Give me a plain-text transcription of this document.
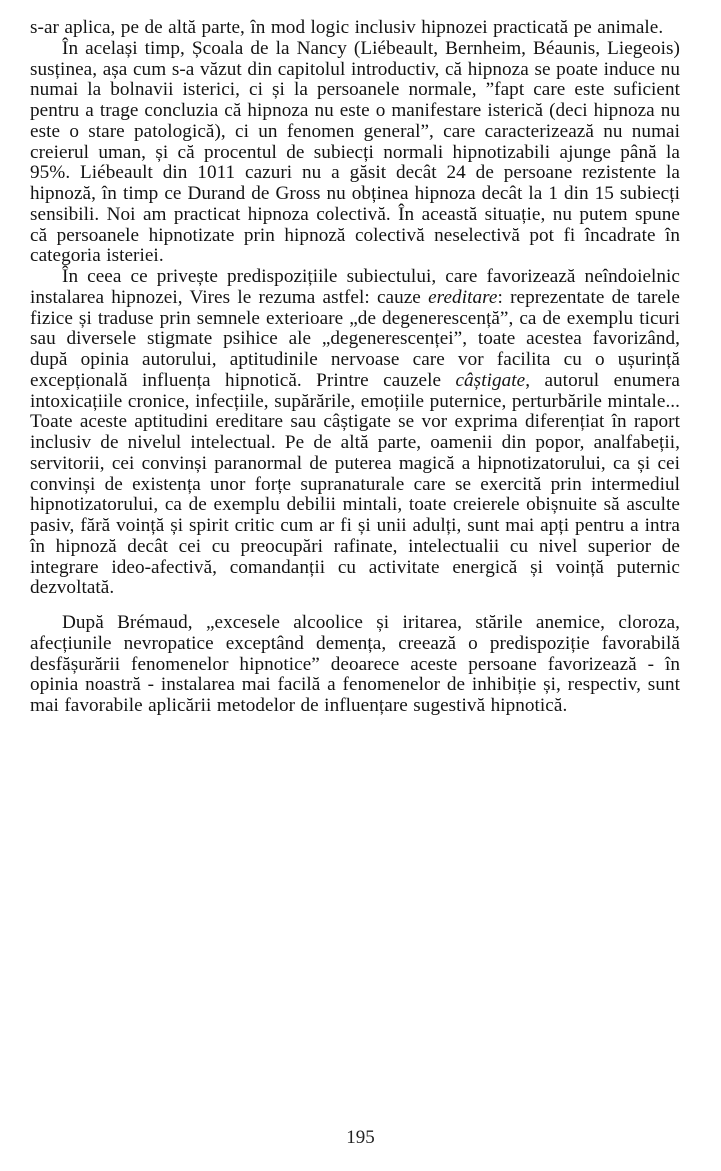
s-ar aplica, pe de altă parte, în mod logic inclusiv hipnozei practicată pe animale.

În același timp, Școala de la Nancy (Liébeault, Bernheim, Béaunis, Liegeois) susținea, așa cum s-a văzut din capitolul introductiv, că hipnoza se poate induce nu numai la bolnavii isterici, ci și la persoanele normale, ”fapt care este suficient pentru a trage concluzia că hipnoza nu este o manifestare isterică (deci hipnoza nu este o stare patologică), ci un fenomen general”, care caracterizează nu numai creierul uman, și că procentul de subiecți normali hipnotizabili ajunge până la 95%. Liébeault din 1011 cazuri nu a găsit decât 24 de persoane rezistente la hipnoză, în timp ce Durand de Gross nu obținea hipnoza decât la 1 din 15 subiecți sensibili. Noi am practicat hipnoza colectivă. În această situație, nu putem spune că persoanele hipnotizate prin hipnoză colectivă neselectivă pot fi încadrate în categoria isteriei.

În ceea ce privește predispozițiile subiectului, care favorizează neîndoielnic instalarea hipnozei, Vires le rezuma astfel: cauze ereditare: reprezentate de tarele fizice și traduse prin semnele exterioare „de degenerescență”, ca de exemplu ticuri sau diversele stigmate psihice ale „degenerescenței”, toate acestea favorizând, după opinia autorului, aptitudinile nervoase care vor facilita cu o ușurință excepțională influența hipnotică. Printre cauzele câștigate, autorul enumera intoxicațiile cronice, infecțiile, supărările, emoțiile puternice, perturbările mintale... Toate aceste aptitudini ereditare sau câștigate se vor exprima diferențiat în raport inclusiv de nivelul intelectual. Pe de altă parte, oamenii din popor, analfabeții, servitorii, cei convinși paranormal de puterea magică a hipnotizatorului, ca și cei convinși de existența unor forțe supranaturale care se exercită prin intermediul hipnotizatorului, ca de exemplu debilii mintali, toate creierele obișnuite să asculte pasiv, fără voință și spirit critic cum ar fi și unii adulți, sunt mai apți pentru a intra în hipnoză decât cei cu preocupări rafinate, intelectualii cu nivel superior de integrare ideo-afectivă, comandanții cu activitate energică și voință puternic dezvoltată.

După Brémaud, „excesele alcoolice și iritarea, stările anemice, cloroza, afecțiunile nevropatice exceptând demența, creează o predispoziție favorabilă desfășurării fenomenelor hipnotice” deoarece aceste persoane favorizează - în opinia noastră - instalarea mai facilă a fenomenelor de inhibiție și, respectiv, sunt mai favorabile aplicării metodelor de influențare sugestivă hipnotică.

195
